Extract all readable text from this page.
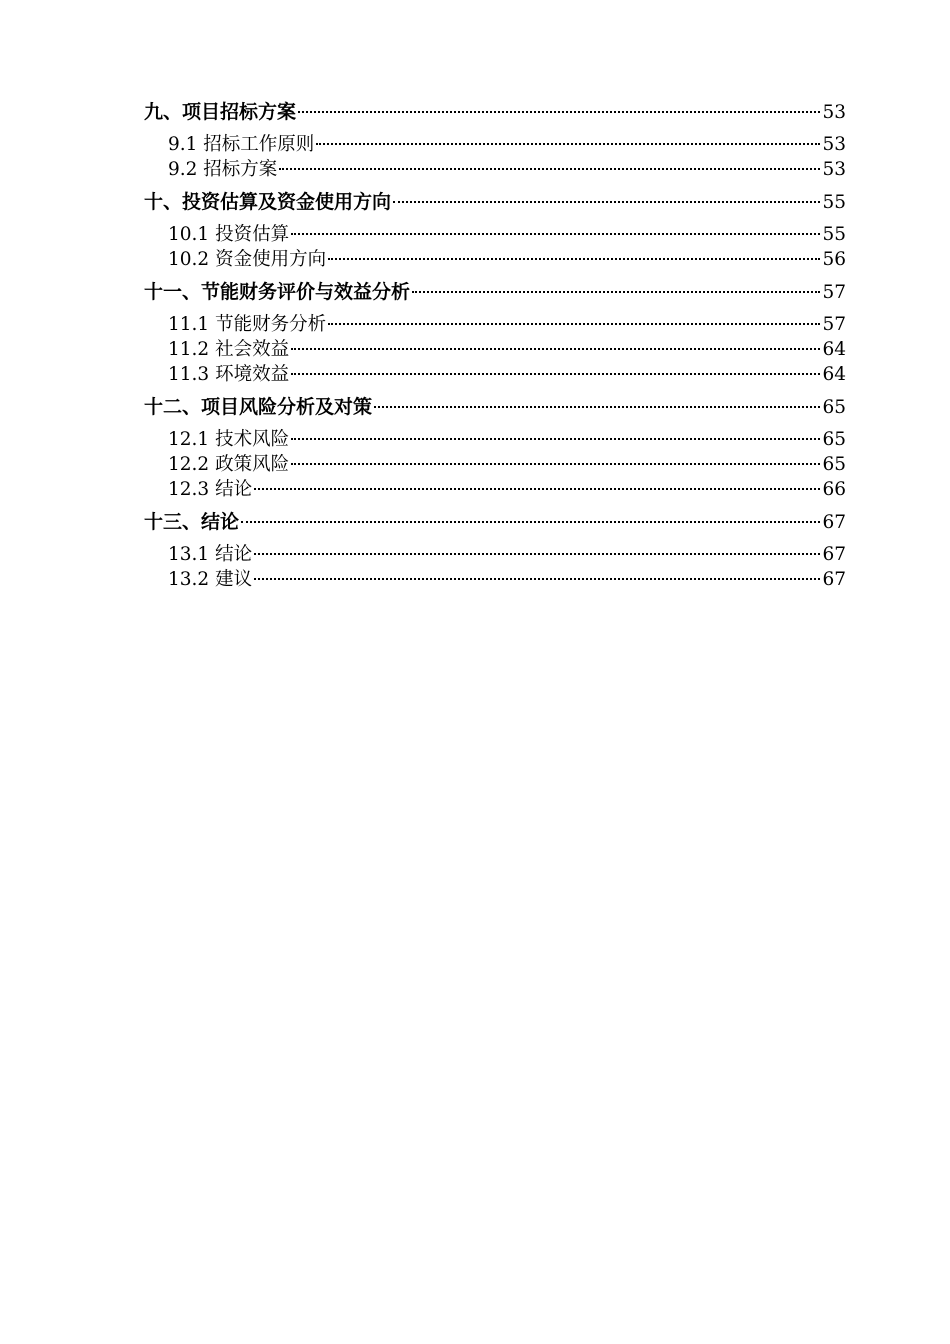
九、项目招标方案	53
9.1 招标工作原则	53
9.2 招标方案	53
十、投资估算及资金使用方向	55
10.1 投资估算	55
10.2 资金使用方向	56
十一、节能财务评价与效益分析	57
11.1 节能财务分析	57
11.2 社会效益	64
11.3 环境效益	64
十二、项目风险分析及对策	65
12.1 技术风险	65
12.2 政策风险	65
12.3 结论	66
十三、结论	67
13.1 结论	67
13.2 建议	67
